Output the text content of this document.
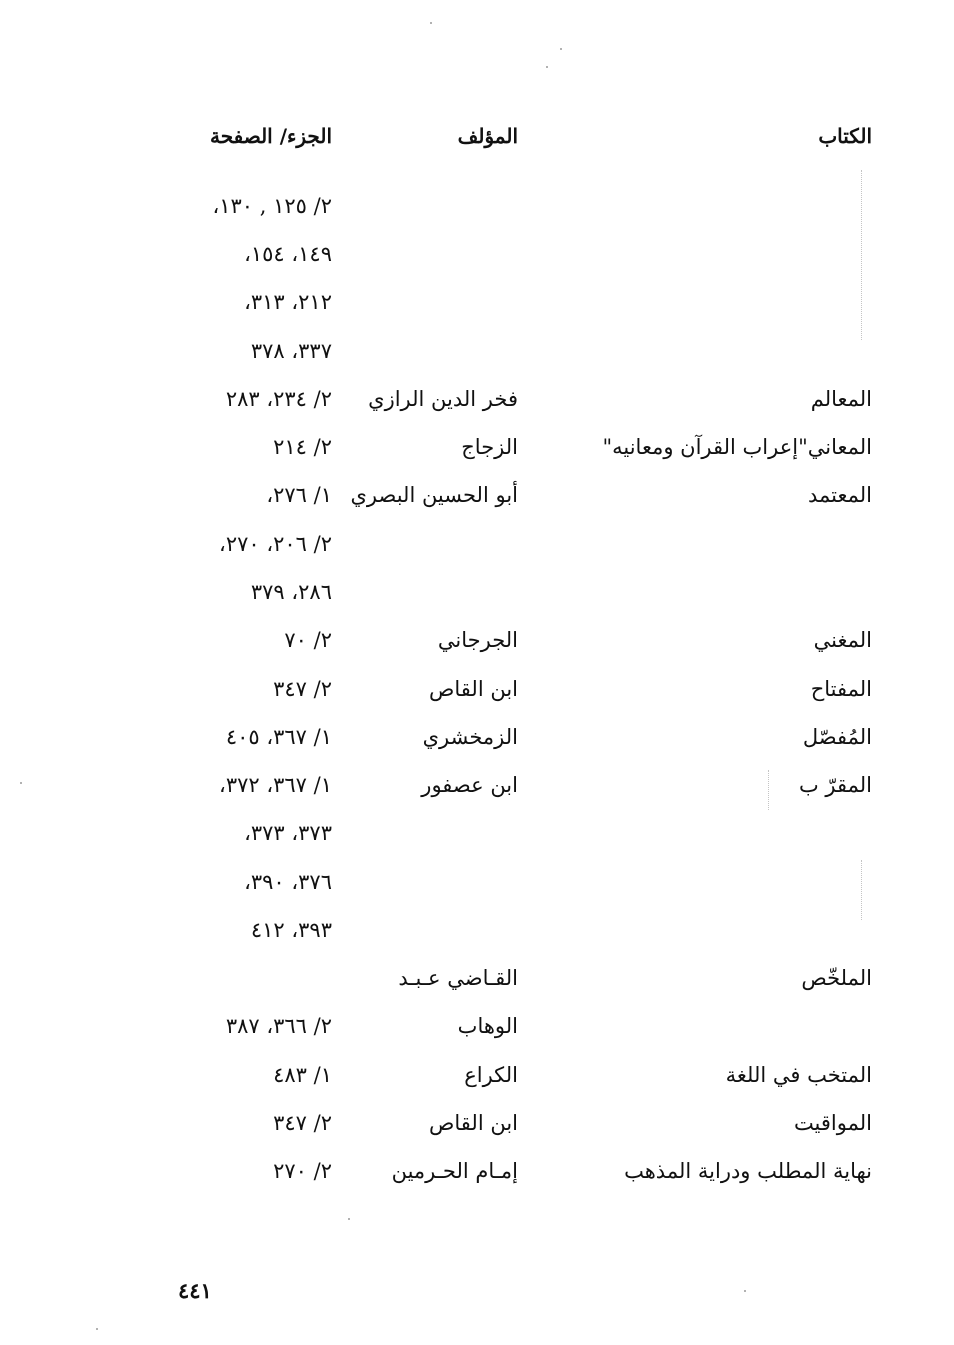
الكتاب
المؤلف
الجزء/ الصفحة
٢/ ١٢٥ , ١٣٠،
١٤٩، ١٥٤،
٢١٢، ٣١٣،
٣٣٧، ٣٧٨
المعالم
فخر الدين الرازي
٢/ ٢٣٤، ٢٨٣
المعاني"إعراب القرآن ومعانيه"
الزجاج
٢/ ٢١٤
المعتمد
أبو الحسين البصري
١/ ٢٧٦،
٢/ ٢٠٦، ٢٧٠،
٢٨٦، ٣٧٩
المغني
الجرجاني
٢/ ٧٠
المفتاح
ابن القاص
٢/ ٣٤٧
المُفصّل
الزمخشري
١/ ٣٦٧، ٤٠٥
المقرّ ب
ابن عصفور
١/ ٣٦٧، ٣٧٢،
٣٧٣، ٣٧٣،
٣٧٦، ٣٩٠،
٣٩٣، ٤١٢
الملخّص
القـاضي عـبـد
الوهاب
٢/ ٣٦٦، ٣٨٧
المتخب في اللغة
الكراع
١/ ٤٨٣
المواقيت
ابن القاص
٢/ ٣٤٧
نهاية المطلب ودراية المذهب
إمـام الحـرمين
٢/ ٢٧٠
٤٤١
